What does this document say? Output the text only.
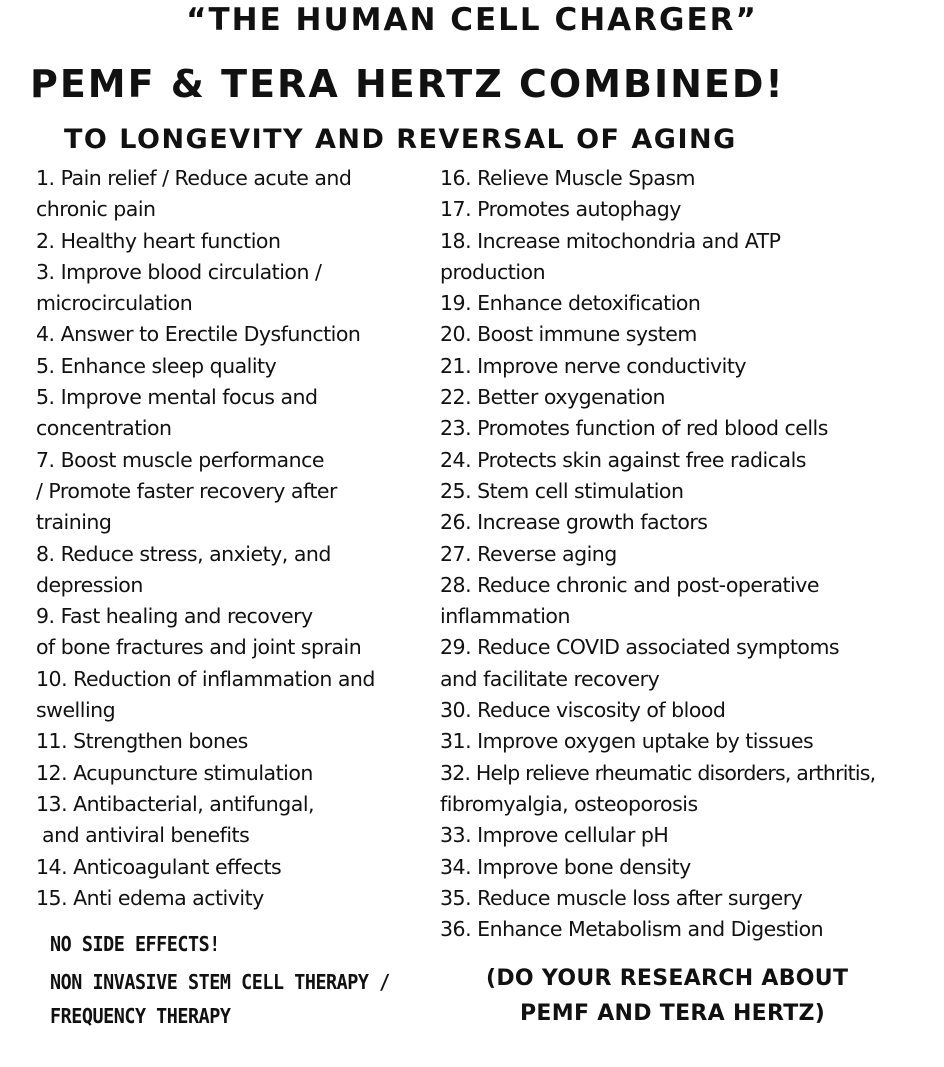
“THE HUMAN CELL CHARGER”
PEMF & TERA HERTZ COMBINED!
TO LONGEVITY AND REVERSAL OF AGING
1. Pain relief / Reduce acute and
chronic pain
2. Healthy heart function
3. Improve blood circulation /
microcirculation
4. Answer to Erectile Dysfunction
5. Enhance sleep quality
5. Improve mental focus and
concentration
7. Boost muscle performance
/ Promote faster recovery after
training
8. Reduce stress, anxiety, and
depression
9. Fast healing and recovery
of bone fractures and joint sprain
10. Reduction of inflammation and
swelling
11. Strengthen bones
12. Acupuncture stimulation
13. Antibacterial, antifungal,
and antiviral benefits
14. Anticoagulant effects
15. Anti edema activity
16. Relieve Muscle Spasm
17. Promotes autophagy
18. Increase mitochondria and ATP
production
19. Enhance detoxification
20. Boost immune system
21. Improve nerve conductivity
22. Better oxygenation
23. Promotes function of red blood cells
24. Protects skin against free radicals
25. Stem cell stimulation
26. Increase growth factors
27. Reverse aging
28. Reduce chronic and post-operative
inflammation
29. Reduce COVID associated symptoms
and facilitate recovery
30. Reduce viscosity of blood
31. Improve oxygen uptake by tissues
32. Help relieve rheumatic disorders, arthritis,
fibromyalgia, osteoporosis
33. Improve cellular pH
34. Improve bone density
35. Reduce muscle loss after surgery
36. Enhance Metabolism and Digestion
NO SIDE EFFECTS!
NON INVASIVE STEM CELL THERAPY /
FREQUENCY THERAPY
(DO YOUR RESEARCH ABOUT
PEMF AND TERA HERTZ)
